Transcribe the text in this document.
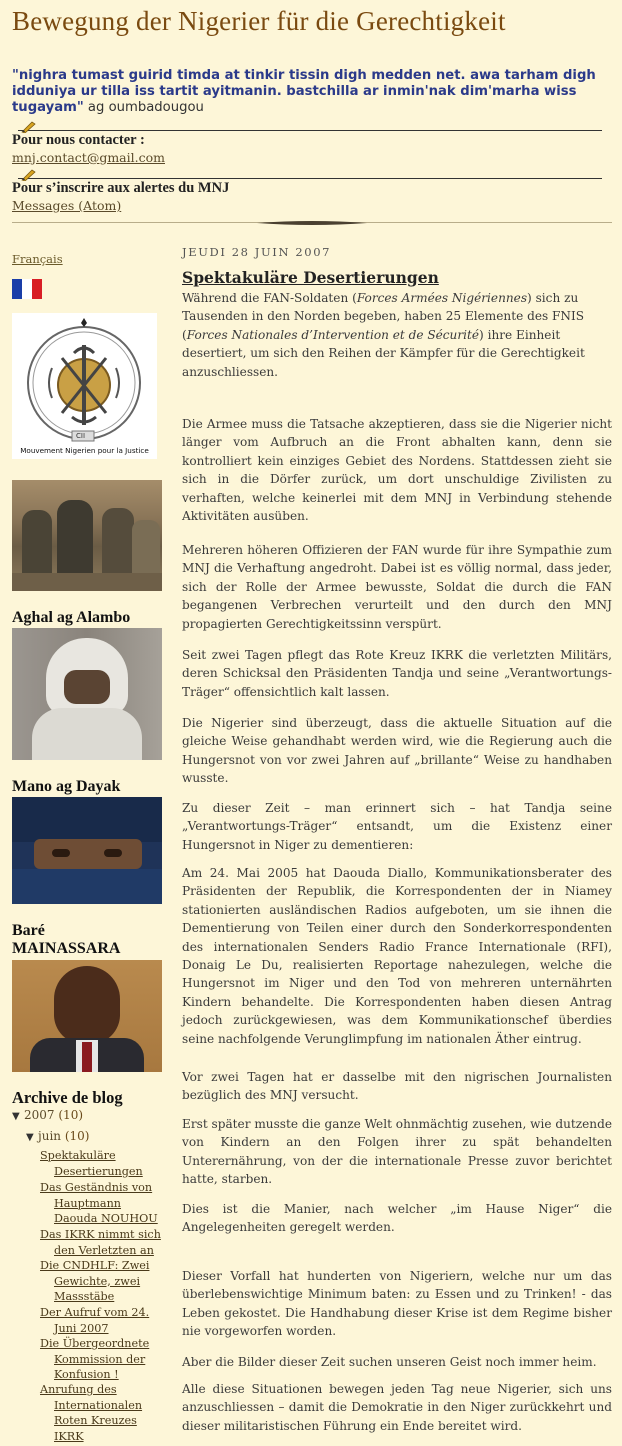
Bewegung der Nigerier für die Gerechtigkeit

"nighra tumast guirid timda at tinkir tissin digh medden net. awa tarham digh idduniya ur tilla iss tartit ayitmanin. bastchilla ar inmin'nak dim'marha wiss tugayam" ag oumbadougou

Pour nous contacter :
mnj.contact@gmail.com
Pour s’inscrire aux alertes du MNJ
Messages (Atom)
Français
CII
Mouvement Nigerien pour la Justice
Aghal ag Alambo
Mano ag Dayak
Baré MAINASSARA
Archive de blog
▼ 2007 (10)
▼ juin (10)
Spektakuläre
Desertierungen
Das Geständnis von
Hauptmann
Daouda NOUHOU
Das IKRK nimmt sich
den Verletzten an
Die CNDHLF: Zwei
Gewichte, zwei
Massstäbe
Der Aufruf vom 24.
Juni 2007
Die Übergeordnete
Kommission der
Konfusion !
Anrufung des
Internationalen
Roten Kreuzes
IKRK
JEUDI 28 JUIN 2007
Spektakuläre Desertierungen

Während die FAN-Soldaten (Forces Armées Nigériennes) sich zu Tausenden in den Norden begeben, haben 25 Elemente des FNIS (Forces Nationales d’Intervention et de Sécurité) ihre Einheit desertiert, um sich den Reihen der Kämpfer für die Gerechtigkeit anzuschliessen.

Die Armee muss die Tatsache akzeptieren, dass sie die Nigerier nicht länger vom Aufbruch an die Front abhalten kann, denn sie kontrolliert kein einziges Gebiet des Nordens. Stattdessen zieht sie sich in die Dörfer zurück, um dort unschuldige Zivilisten zu verhaften, welche keinerlei mit dem MNJ in Verbindung stehende Aktivitäten ausüben.

Mehreren höheren Offizieren der FAN wurde für ihre Sympathie zum MNJ die Verhaftung angedroht. Dabei ist es völlig normal, dass jeder, sich der Rolle der Armee bewusste, Soldat die durch die FAN begangenen Verbrechen verurteilt und den durch den MNJ propagierten Gerechtigkeitssinn verspürt.

Seit zwei Tagen pflegt das Rote Kreuz IKRK die verletzten Militärs, deren Schicksal den Präsidenten Tandja und seine „Verantwortungs-Träger“ offensichtlich kalt lassen.

Die Nigerier sind überzeugt, dass die aktuelle Situation auf die gleiche Weise gehandhabt werden wird, wie die Regierung auch die Hungersnot von vor zwei Jahren auf „brillante“ Weise zu handhaben wusste.

Zu dieser Zeit – man erinnert sich – hat Tandja seine „Verantwortungs-Träger“ entsandt, um die Existenz einer Hungersnot in Niger zu dementieren:

Am 24. Mai 2005 hat Daouda Diallo, Kommunikationsberater des Präsidenten der Republik, die Korrespondenten der in Niamey stationierten ausländischen Radios aufgeboten, um sie ihnen die Dementierung von Teilen einer durch den Sonderkorrespondenten des internationalen Senders Radio France Internationale (RFI), Donaig Le Du, realisierten Reportage nahezulegen, welche die Hungersnot im Niger und den Tod von mehreren unternährten Kindern behandelte. Die Korrespondenten haben diesen Antrag jedoch zurückgewiesen, was dem Kommunikationschef überdies seine nachfolgende Verunglimpfung im nationalen Äther eintrug.

Vor zwei Tagen hat er dasselbe mit den nigrischen Journalisten bezüglich des MNJ versucht.

Erst später musste die ganze Welt ohnmächtig zusehen, wie dutzende von Kindern an den Folgen ihrer zu spät behandelten Unterernährung, von der die internationale Presse zuvor berichtet hatte, starben.

Dies ist die Manier, nach welcher „im Hause Niger“ die Angelegenheiten geregelt werden.

Dieser Vorfall hat hunderten von Nigeriern, welche nur um das überlebenswichtige Minimum baten: zu Essen und zu Trinken! - das Leben gekostet. Die Handhabung dieser Krise ist dem Regime bisher nie vorgeworfen worden.

Aber die Bilder dieser Zeit suchen unseren Geist noch immer heim.

Alle diese Situationen bewegen jeden Tag neue Nigerier, sich uns anzuschliessen – damit die Demokratie in den Niger zurückkehrt und dieser militaristischen Führung ein Ende bereitet wird.
